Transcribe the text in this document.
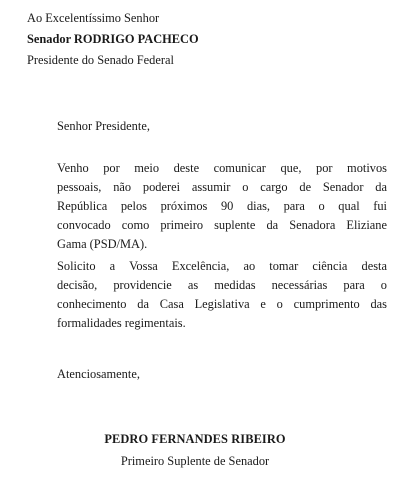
Ao Excelentíssimo Senhor
Senador RODRIGO PACHECO
Presidente do Senado Federal
Senhor Presidente,
Venho por meio deste comunicar que, por motivos
pessoais, não poderei assumir o cargo de Senador da
República pelos próximos 90 dias, para o qual fui
convocado como primeiro suplente da Senadora Eliziane
Gama (PSD/MA).
Solicito a Vossa Excelência, ao tomar ciência desta
decisão, providencie as medidas necessárias para o
conhecimento da Casa Legislativa e o cumprimento das
formalidades regimentais.
Atenciosamente,
PEDRO FERNANDES RIBEIRO
Primeiro Suplente de Senador
